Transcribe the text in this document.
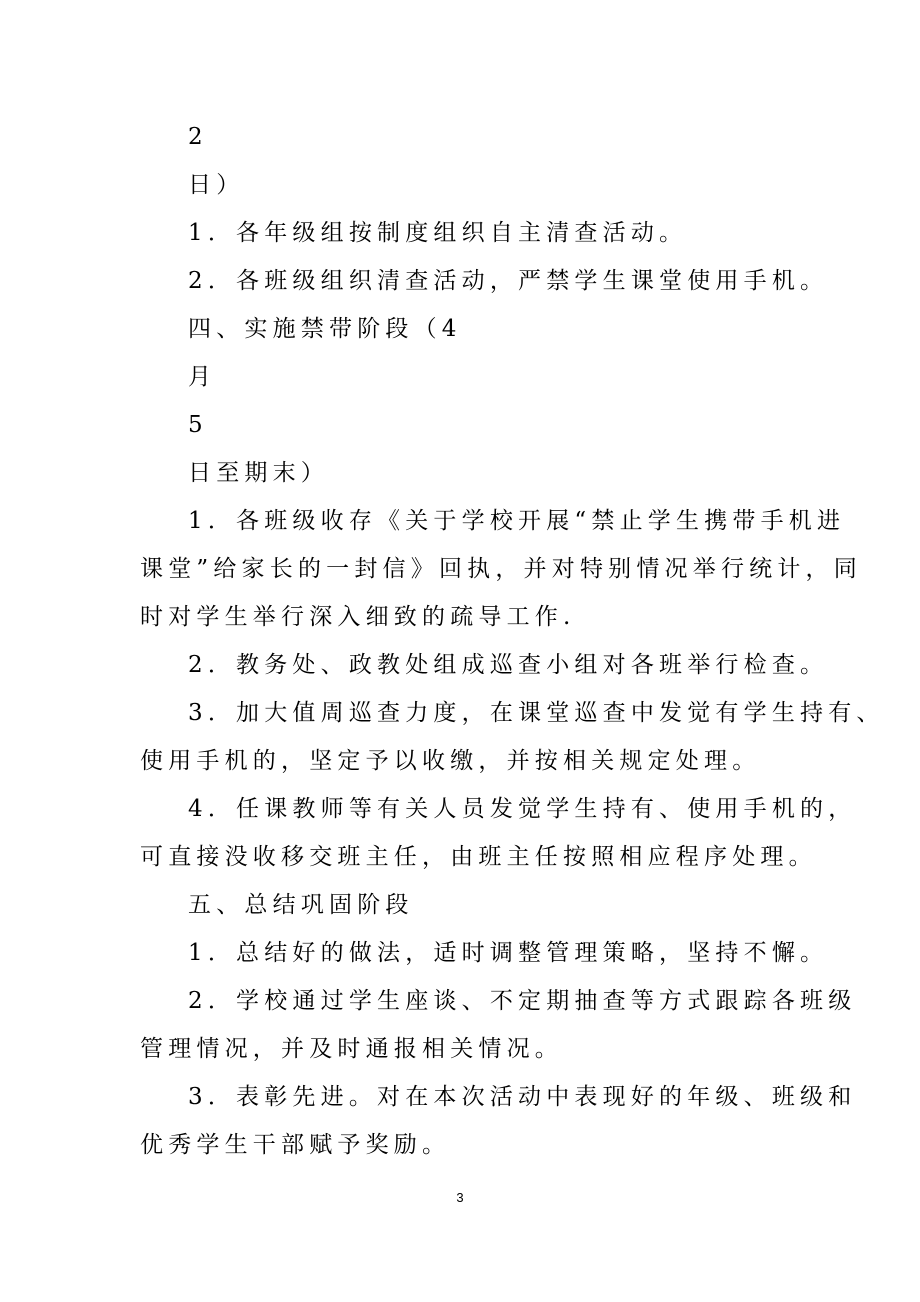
2

日）

1．各年级组按制度组织自主清查活动。

2．各班级组织清查活动，严禁学生课堂使用手机。

四、实施禁带阶段（4

月

5

日至期末）

1．各班级收存《关于学校开展“禁止学生携带手机进

课堂”给家长的一封信》回执，并对特别情况举行统计，同

时对学生举行深入细致的疏导工作.

2．教务处、政教处组成巡查小组对各班举行检查。

3．加大值周巡查力度，在课堂巡查中发觉有学生持有、

使用手机的，坚定予以收缴，并按相关规定处理。

4．任课教师等有关人员发觉学生持有、使用手机的，

可直接没收移交班主任，由班主任按照相应程序处理。

五、总结巩固阶段

1．总结好的做法，适时调整管理策略，坚持不懈。

2．学校通过学生座谈、不定期抽查等方式跟踪各班级

管理情况，并及时通报相关情况。

3．表彰先进。对在本次活动中表现好的年级、班级和

优秀学生干部赋予奖励。

3
